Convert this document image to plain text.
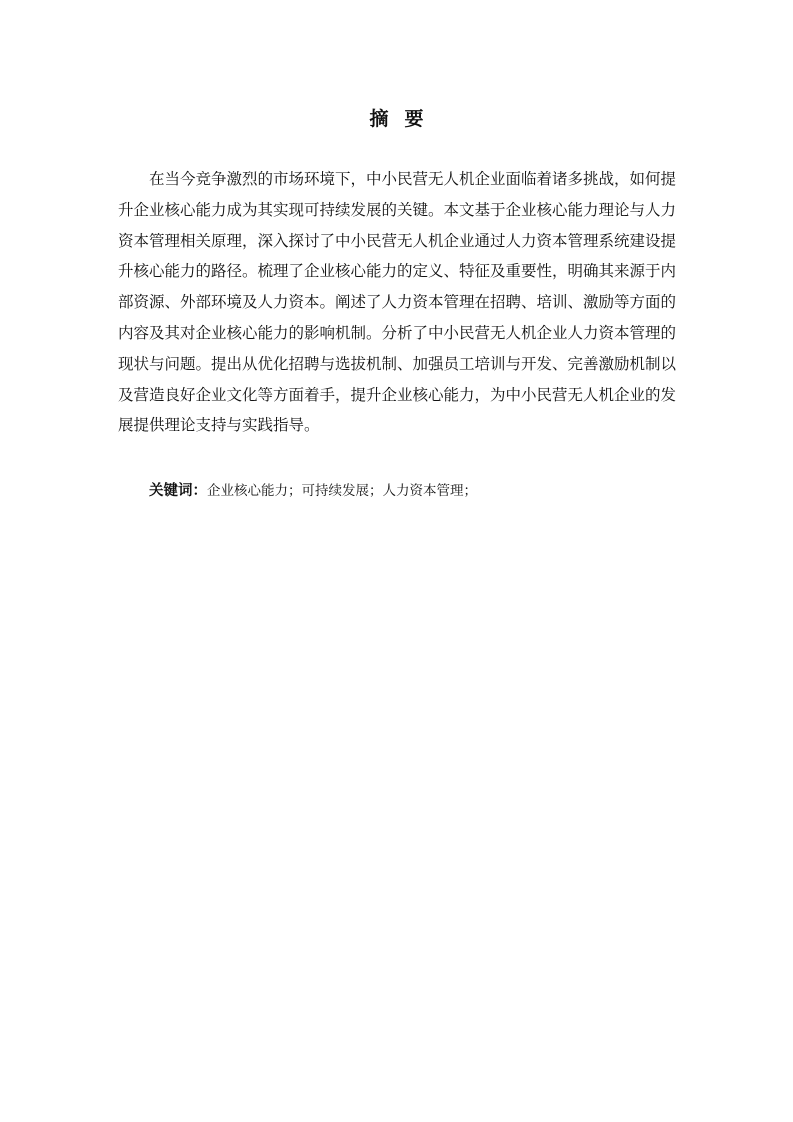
摘要

在当今竞争激烈的市场环境下，中小民营无人机企业面临着诸多挑战，如何提升企业核心能力成为其实现可持续发展的关键。本文基于企业核心能力理论与人力资本管理相关原理，深入探讨了中小民营无人机企业通过人力资本管理系统建设提升核心能力的路径。梳理了企业核心能力的定义、特征及重要性，明确其来源于内部资源、外部环境及人力资本。阐述了人力资本管理在招聘、培训、激励等方面的内容及其对企业核心能力的影响机制。分析了中小民营无人机企业人力资本管理的现状与问题。提出从优化招聘与选拔机制、加强员工培训与开发、完善激励机制以及营造良好企业文化等方面着手，提升企业核心能力，为中小民营无人机企业的发展提供理论支持与实践指导。

关键词：企业核心能力；可持续发展；人力资本管理；
